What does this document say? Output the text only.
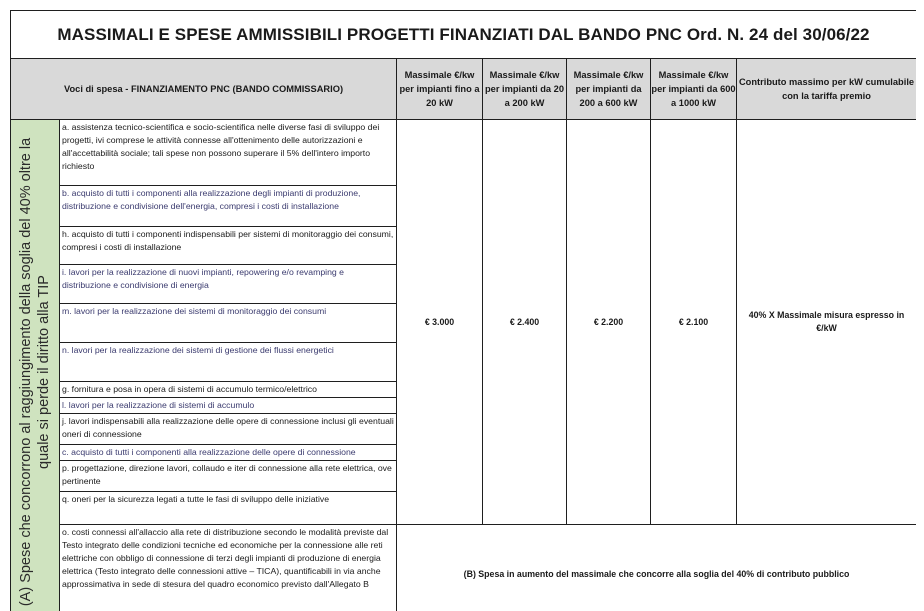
MASSIMALI E SPESE AMMISSIBILI PROGETTI FINANZIATI DAL BANDO PNC Ord. N. 24 del 30/06/22						
Voci di spesa - FINANZIAMENTO PNC (BANDO COMMISSARIO)		Massimale €/kw per impianti fino a 20 kW	Massimale €/kw per impianti da 20 a 200 kW	Massimale €/kw per impianti da 200 a 600 kW	Massimale €/kw per impianti da 600 a 1000 kW	Contributo massimo per kW cumulabile con la tariffa premio

(A) Spese che concorrono al raggiungimento della soglia del 40% oltre la quale si perde il diritto alla TIP	a. assistenza tecnico-scientifica e socio-scientifica nelle diverse fasi di sviluppo dei progetti, ivi comprese le attività connesse all'ottenimento delle autorizzazioni e all'accettabilità sociale; tali spese non possono superare il 5% dell'intero importo richiesto	€ 3.000	€ 2.400	€ 2.200	€ 2.100	40% X Massimale misura espresso in €/kW
	b. acquisto di tutti i componenti alla realizzazione degli impianti di produzione, distribuzione e condivisione dell'energia, compresi i costi di installazione					
	h. acquisto di tutti i componenti indispensabili per sistemi di monitoraggio dei consumi, compresi i costi di installazione					
	i. lavori per la realizzazione di nuovi impianti, repowering e/o revamping e distribuzione e condivisione di energia					
	m. lavori per la realizzazione dei sistemi di monitoraggio dei consumi					
	n. lavori per la realizzazione dei sistemi di gestione dei flussi energetici					
	g. fornitura e posa in opera di sistemi di accumulo termico/elettrico					
	l. lavori per la realizzazione di sistemi di accumulo					
	j. lavori indispensabili alla realizzazione delle opere di connessione inclusi gli eventuali oneri di connessione					
	c. acquisto di tutti i componenti alla realizzazione delle opere di connessione					
	p. progettazione, direzione lavori, collaudo e iter di connessione alla rete elettrica, ove pertinente					
	q. oneri per la sicurezza legati a tutte le fasi di sviluppo delle iniziative					
	o. costi connessi all'allaccio alla rete di distribuzione secondo le modalità previste dal Testo integrato delle condizioni tecniche ed economiche per la connessione alle reti elettriche con obbligo di connessione di terzi degli impianti di produzione di energia elettrica (Testo integrato delle connessioni attive – TICA), quantificabili in via anche approssimativa in sede di stesura del quadro economico previsto dall'Allegato B	(B) Spesa in aumento del massimale che concorre alla soglia del 40% di contributo pubblico				
